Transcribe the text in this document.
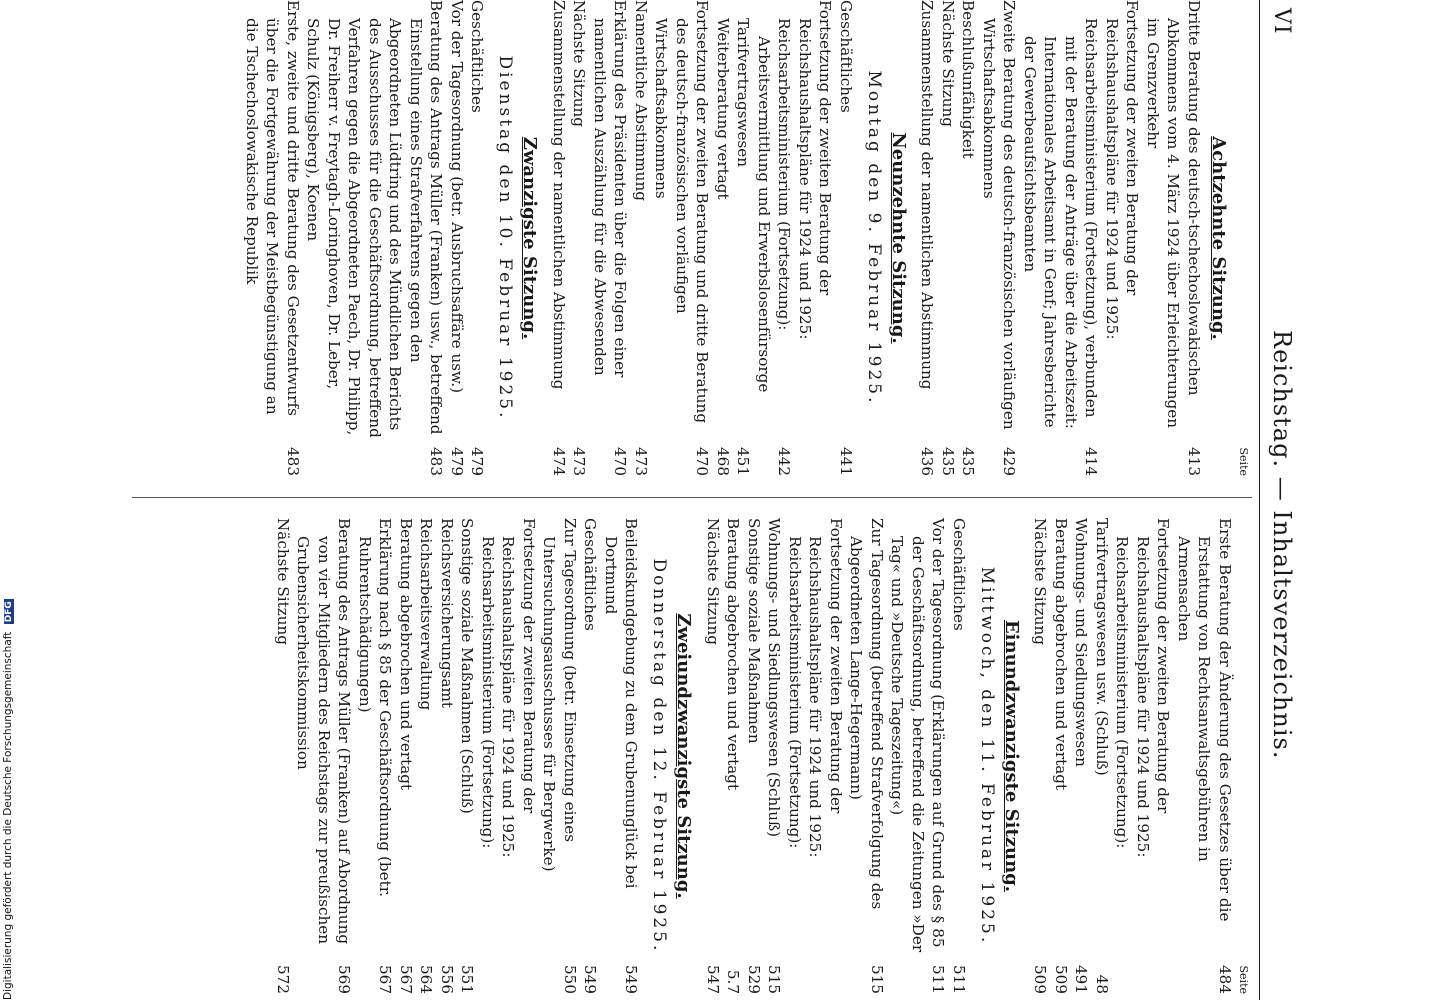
VI
Reichstag. — Inhaltsverzeichnis.
Seite
Achtzehnte Sitzung.
Dritte Beratung des deutsch-tschechoslowakischen Abkommens vom 4. März 1924 über Erleichterungen im Grenzverkehr
413
Fortsetzung der zweiten Beratung der Reichshaushaltspläne für 1924 und 1925:
Reichsarbeitsministerium (Fortsetzung), verbunden mit der Beratung der Anträge über die Arbeitszeit: Internationales Arbeitsamt in Genf; Jahresberichte der Gewerbeaufsichtsbeamten
414
Zweite Beratung des deutsch-französischen vorläufigen Wirtschaftsabkommens
429
Beschlußunfähigkeit
435
Nächste Sitzung
435
Zusammenstellung der namentlichen Abstimmung
436
Neunzehnte Sitzung.
Montag den 9. Februar 1925.
Geschäftliches
441
Fortsetzung der zweiten Beratung der Reichshaushaltspläne für 1924 und 1925:
Reichsarbeitsministerium (Fortsetzung): Arbeitsvermittlung und Erwerbslosenfürsorge
442
Tarifvertragswesen
451
Weiterberatung vertagt
468
Fortsetzung der zweiten Beratung und dritte Beratung des deutsch-französischen vorläufigen Wirtschaftsabkommens
470
Namentliche Abstimmung
473
Erklärung des Präsidenten über die Folgen einer namentlichen Auszählung für die Abwesenden
470
Nächste Sitzung
473
Zusammenstellung der namentlichen Abstimmung
474
Zwanzigste Sitzung.
Dienstag den 10. Februar 1925.
Geschäftliches
479
Vor der Tagesordnung (betr. Ausbruchsaffäre usw.)
479
Beratung des Antrags Müller (Franken) usw., betreffend Einstellung eines Strafverfahrens gegen den Abgeordneten Lüdtring und des Mündlichen Berichts des Ausschusses für die Geschäftsordnung, betreffend Verfahren gegen die Abgeordneten Paech, Dr. Philipp, Dr. Freiherr v. Freytagh-Loringhoven, Dr. Leber, Schulz (Königsberg), Koenen
483
Erste, zweite und dritte Beratung des Gesetzentwurfs über die Fortgewährung der Meistbegünstigung an die Tschechoslowakische Republik
483
Seite
Erste Beratung der Änderung des Gesetzes über die Erstattung von Rechtsanwaltsgebühren in Armensachen
484
Fortsetzung der zweiten Beratung der Reichshaushaltspläne für 1924 und 1925:
Reichsarbeitsministerium (Fortsetzung):
Tarifvertragswesen usw. (Schluß)
48
Wohnungs- und Siedlungswesen
491
Beratung abgebrochen und vertagt
509
Nächste Sitzung
509
Einundzwanzigste Sitzung.
Mittwoch, den 11. Februar 1925.
Geschäftliches
511
Vor der Tagesordnung (Erklärungen auf Grund des § 85 der Geschäftsordnung, betreffend die Zeitungen »Der Tag« und »Deutsche Tageszeitung«)
511
Zur Tagesordnung (betreffend Strafverfolgung des Abgeordneten Lange-Hegermann)
515
Fortsetzung der zweiten Beratung der Reichshaushaltspläne für 1924 und 1925:
Reichsarbeitsministerium (Fortsetzung):
Wohnungs- und Siedlungswesen (Schluß)
515
Sonstige soziale Maßnahmen
529
Beratung abgebrochen und vertagt
5.7
Nächste Sitzung
547
Zweiundzwanzigste Sitzung.
Donnerstag den 12. Februar 1925.
Beileidskundgebung zu dem Grubenunglück bei Dortmund
549
Geschäftliches
549
Zur Tagesordnung (betr. Einsetzung eines Untersuchungsausschusses für Bergwerke)
550
Fortsetzung der zweiten Beratung der Reichshaushaltspläne für 1924 und 1925:
Reichsarbeitsministerium (Fortsetzung):
Sonstige soziale Maßnahmen (Schluß)
551
Reichsversicherungsamt
556
Reichsarbeitsverwaltung
564
Beratung abgebrochen und vertagt
567
Erklärung nach § 85 der Geschäftsordnung (betr. Ruhrentschädigungen)
567
Beratung des Antrags Müller (Franken) auf Abordnung von vier Mitgliedern des Reichstags zur preußischen Grubensicherheitskommission
569
Nächste Sitzung
572
Digitalisierung gefördert durch die Deutsche Forschungsgemeinschaft DFG
